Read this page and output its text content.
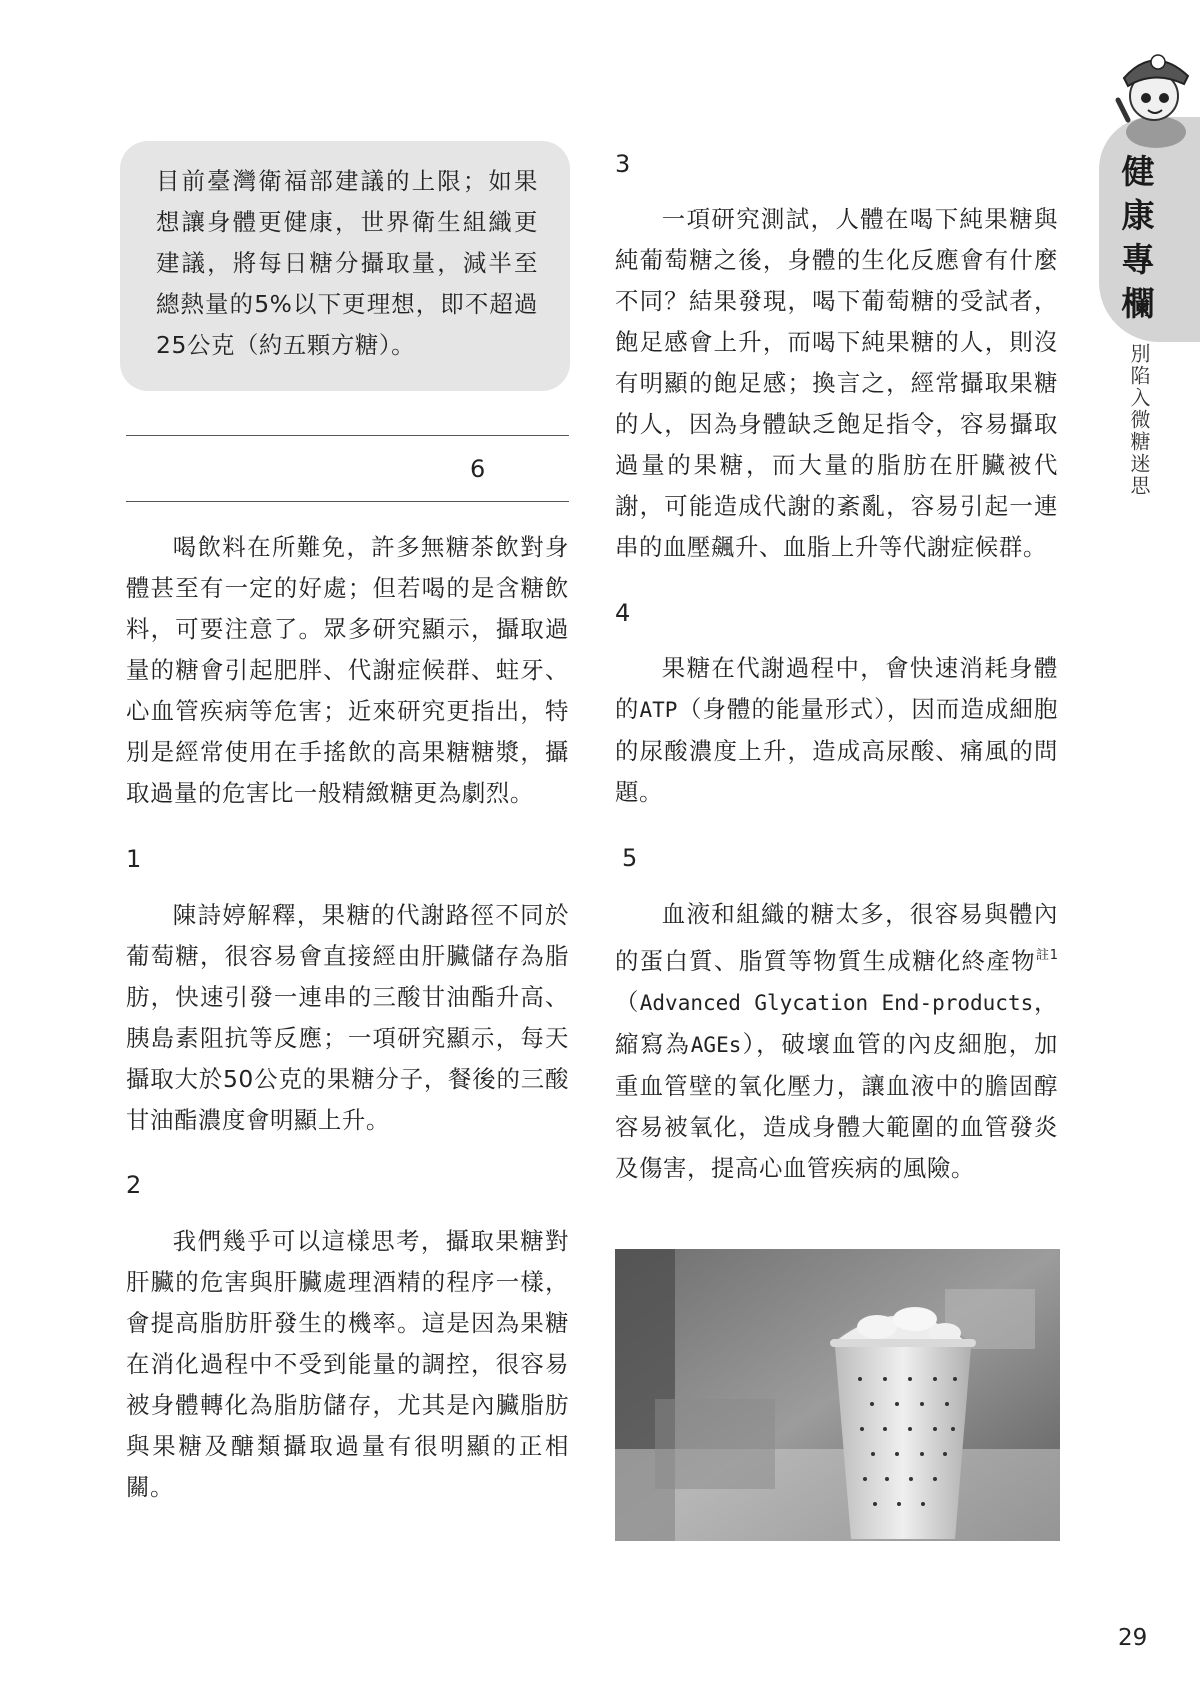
健
康
專
欄
別陷入微糖迷思

目前臺灣衛福部建議的上限；如果想讓身體更健康，世界衛生組織更建議，將每日糖分攝取量，減半至總熱量的5%以下更理想，即不超過25公克（約五顆方糖）。

6

喝飲料在所難免，許多無糖茶飲對身體甚至有一定的好處；但若喝的是含糖飲料，可要注意了。眾多研究顯示，攝取過量的糖會引起肥胖、代謝症候群、蛀牙、心血管疾病等危害；近來研究更指出，特別是經常使用在手搖飲的高果糖糖漿，攝取過量的危害比一般精緻糖更為劇烈。

1

陳詩婷解釋，果糖的代謝路徑不同於葡萄糖，很容易會直接經由肝臟儲存為脂肪，快速引發一連串的三酸甘油酯升高、胰島素阻抗等反應；一項研究顯示，每天攝取大於50公克的果糖分子，餐後的三酸甘油酯濃度會明顯上升。

2

我們幾乎可以這樣思考，攝取果糖對肝臟的危害與肝臟處理酒精的程序一樣，會提高脂肪肝發生的機率。這是因為果糖在消化過程中不受到能量的調控，很容易被身體轉化為脂肪儲存，尤其是內臟脂肪與果糖及醣類攝取過量有很明顯的正相關。

3

一項研究測試，人體在喝下純果糖與純葡萄糖之後，身體的生化反應會有什麼不同？結果發現，喝下葡萄糖的受試者，飽足感會上升，而喝下純果糖的人，則沒有明顯的飽足感；換言之，經常攝取果糖的人，因為身體缺乏飽足指令，容易攝取過量的果糖，而大量的脂肪在肝臟被代謝，可能造成代謝的紊亂，容易引起一連串的血壓飆升、血脂上升等代謝症候群。

4

果糖在代謝過程中，會快速消耗身體的ATP（身體的能量形式），因而造成細胞的尿酸濃度上升，造成高尿酸、痛風的問題。

5

血液和組織的糖太多，很容易與體內的蛋白質、脂質等物質生成糖化終產物$^{註1}$（Advanced Glycation End-products，縮寫為AGEs），破壞血管的內皮細胞，加重血管壁的氧化壓力，讓血液中的膽固醇容易被氧化，造成身體大範圍的血管發炎及傷害，提高心血管疾病的風險。

29
